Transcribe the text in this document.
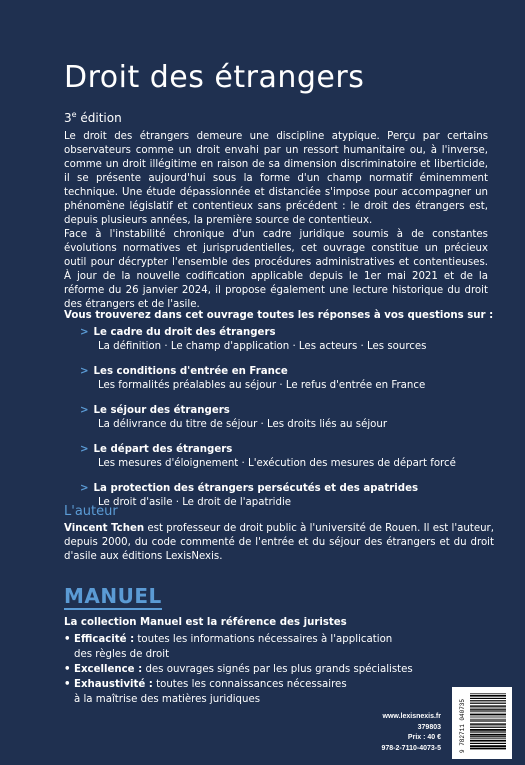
Droit des étrangers
3e édition

Le droit des étrangers demeure une discipline atypique. Perçu par certains observateurs comme un droit envahi par un ressort humanitaire ou, à l'inverse, comme un droit illégitime en raison de sa dimension discriminatoire et liberticide, il se présente aujourd'hui sous la forme d'un champ normatif éminemment technique. Une étude dépassionnée et distanciée s'impose pour accompagner un phénomène législatif et contentieux sans précédent : le droit des étrangers est, depuis plusieurs années, la première source de contentieux.

Face à l'instabilité chronique d'un cadre juridique soumis à de constantes évolutions normatives et jurisprudentielles, cet ouvrage constitue un précieux outil pour décrypter l'ensemble des procédures administratives et contentieuses. À jour de la nouvelle codification applicable depuis le 1er mai 2021 et de la réforme du 26 janvier 2024, il propose également une lecture historique du droit des étrangers et de l'asile.

Vous trouverez dans cet ouvrage toutes les réponses à vos questions sur :
> Le cadre du droit des étrangers
La définition · Le champ d'application · Les acteurs · Les sources
> Les conditions d'entrée en France
Les formalités préalables au séjour · Le refus d'entrée en France
> Le séjour des étrangers
La délivrance du titre de séjour · Les droits liés au séjour
> Le départ des étrangers
Les mesures d'éloignement · L'exécution des mesures de départ forcé
> La protection des étrangers persécutés et des apatrides
Le droit d'asile · Le droit de l'apatridie
L'auteur
Vincent Tchen est professeur de droit public à l'université de Rouen. Il est l'auteur, depuis 2000, du code commenté de l'entrée et du séjour des étrangers et du droit d'asile aux éditions LexisNexis.
MANUEL
La collection Manuel est la référence des juristes
• Efficacité : toutes les informations nécessaires à l'application
des règles de droit
• Excellence : des ouvrages signés par les plus grands spécialistes
• Exhaustivité : toutes les connaissances nécessaires
à la maîtrise des matières juridiques
www.lexisnexis.fr
379803
Prix : 40 €
978-2-7110-4073-5	9 782711 040735
